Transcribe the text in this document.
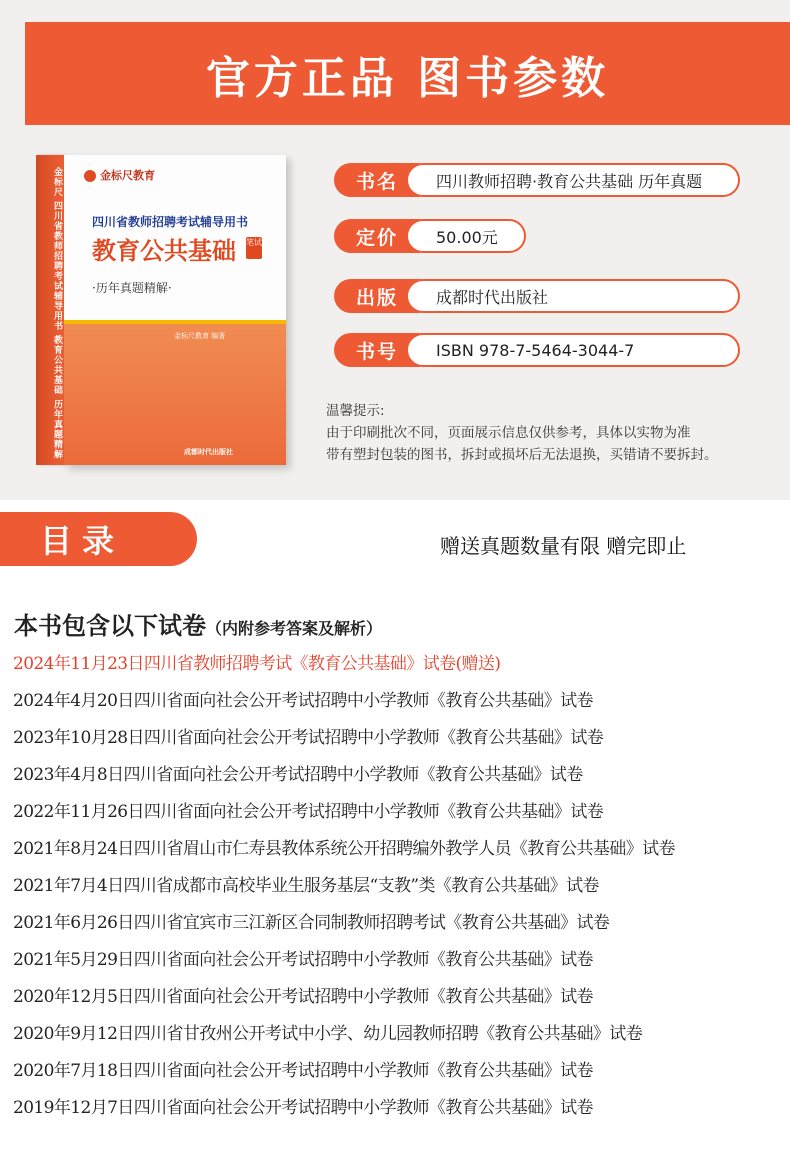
官方正品 图书参数
金标尺 四川省教师招聘考试辅导用书 教育公共基础 历年真题精解	金标尺教育
四川省教师招聘考试辅导用书
教育公共基础 笔试
·历年真题精解·
金标尺教育 编著
成都时代出版社
书名	四川教师招聘·教育公共基础 历年真题
定价	50.00元
出版	成都时代出版社
书号	ISBN 978-7-5464-3044-7
温馨提示:
由于印刷批次不同，页面展示信息仅供参考，具体以实物为准
带有塑封包装的图书，拆封或损坏后无法退换，买错请不要拆封。
目录	赠送真题数量有限 赠完即止
本书包含以下试卷（内附参考答案及解析）
2024年11月23日四川省教师招聘考试《教育公共基础》试卷(赠送)
2024年4月20日四川省面向社会公开考试招聘中小学教师《教育公共基础》试卷
2023年10月28日四川省面向社会公开考试招聘中小学教师《教育公共基础》试卷
2023年4月8日四川省面向社会公开考试招聘中小学教师《教育公共基础》试卷
2022年11月26日四川省面向社会公开考试招聘中小学教师《教育公共基础》试卷
2021年8月24日四川省眉山市仁寿县教体系统公开招聘编外教学人员《教育公共基础》试卷
2021年7月4日四川省成都市高校毕业生服务基层“支教”类《教育公共基础》试卷
2021年6月26日四川省宜宾市三江新区合同制教师招聘考试《教育公共基础》试卷
2021年5月29日四川省面向社会公开考试招聘中小学教师《教育公共基础》试卷
2020年12月5日四川省面向社会公开考试招聘中小学教师《教育公共基础》试卷
2020年9月12日四川省甘孜州公开考试中小学、幼儿园教师招聘《教育公共基础》试卷
2020年7月18日四川省面向社会公开考试招聘中小学教师《教育公共基础》试卷
2019年12月7日四川省面向社会公开考试招聘中小学教师《教育公共基础》试卷
